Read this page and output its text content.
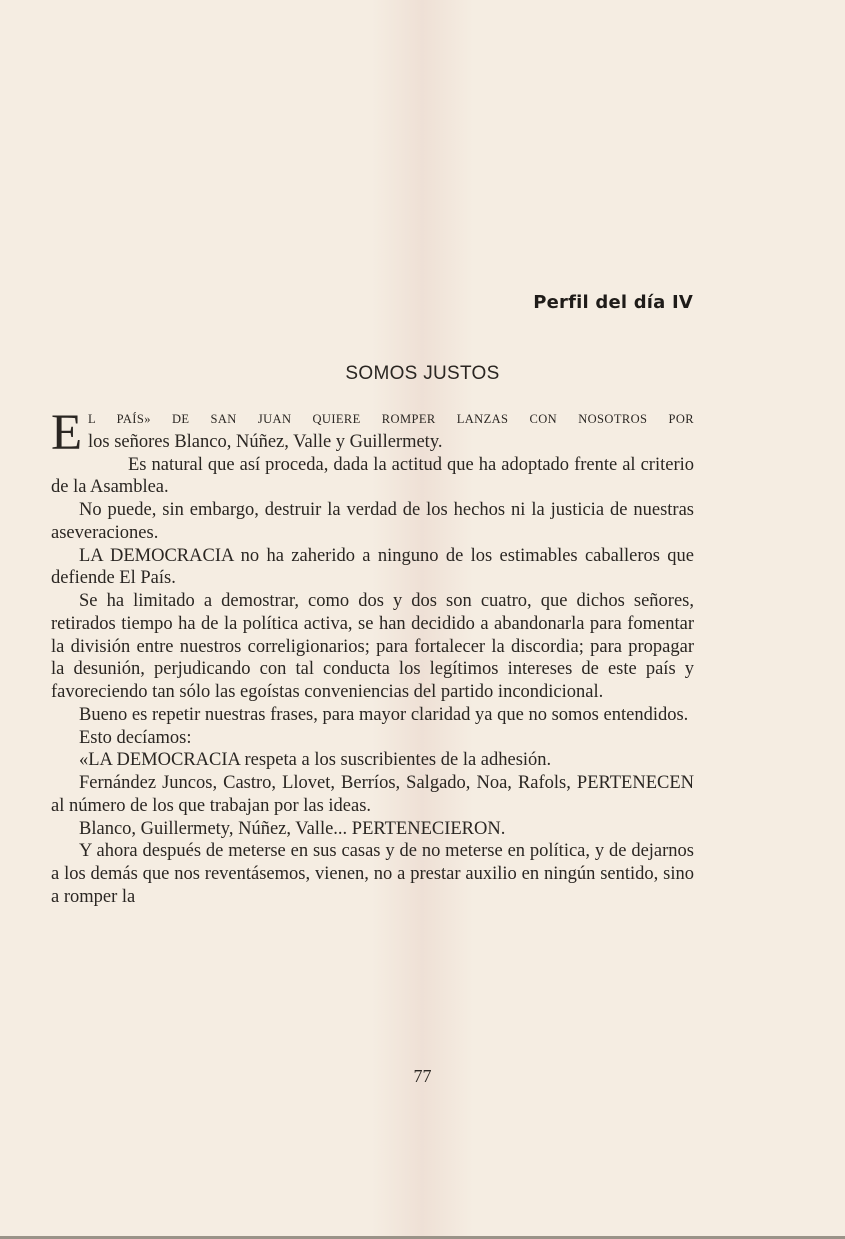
Perfil del día IV
SOMOS JUSTOS
E L PAÍS» DE SAN JUAN QUIERE ROMPER LANZAS CON NOSOTROS POR
los señores Blanco, Núñez, Valle y Guillermety.

Es natural que así proceda, dada la actitud que ha adoptado frente al criterio de la Asamblea.

No puede, sin embargo, destruir la verdad de los hechos ni la justicia de nuestras aseveraciones.

LA DEMOCRACIA no ha zaherido a ninguno de los estimables caballeros que defiende El País.

Se ha limitado a demostrar, como dos y dos son cuatro, que dichos señores, retirados tiempo ha de la política activa, se han decidido a abandonarla para fomentar la división entre nuestros correligionarios; para fortalecer la discordia; para propagar la desunión, perjudicando con tal conducta los legítimos intereses de este país y favoreciendo tan sólo las egoístas conveniencias del partido incondicional.

Bueno es repetir nuestras frases, para mayor claridad ya que no somos entendidos.

Esto decíamos:

«LA DEMOCRACIA respeta a los suscribientes de la adhesión.

Fernández Juncos, Castro, Llovet, Berríos, Salgado, Noa, Rafols, PERTENECEN al número de los que trabajan por las ideas.

Blanco, Guillermety, Núñez, Valle... PERTENECIERON.

Y ahora después de meterse en sus casas y de no meterse en política, y de dejarnos a los demás que nos reventásemos, vienen, no a prestar auxilio en ningún sentido, sino a romper la

77
